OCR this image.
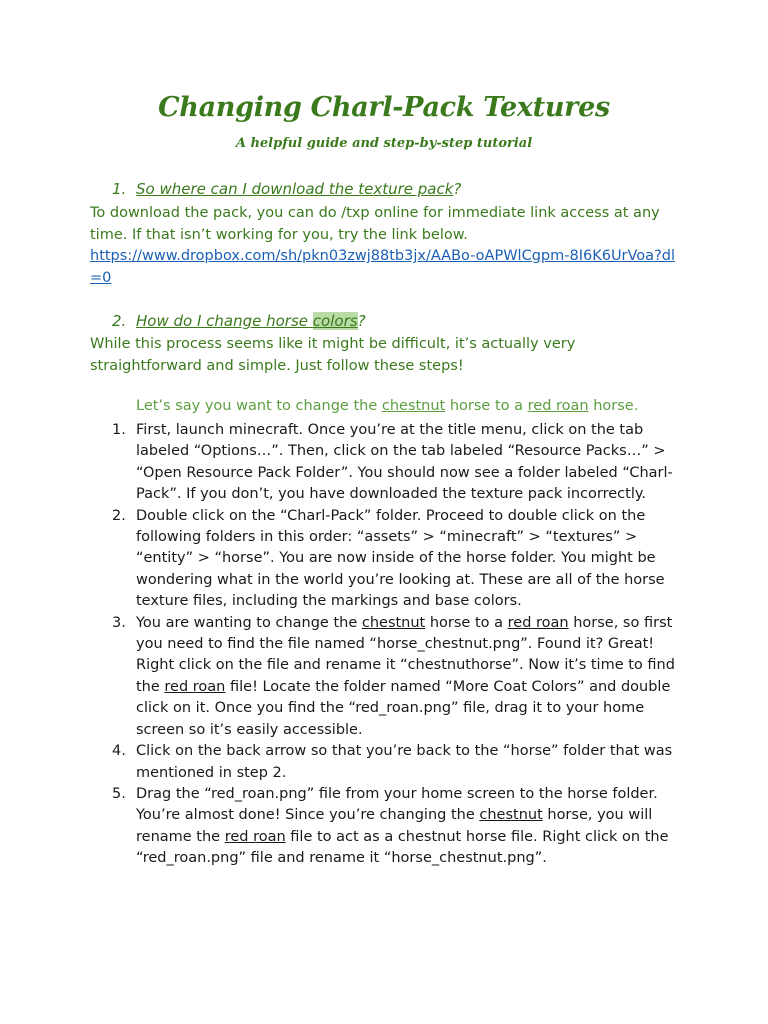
Changing Charl-Pack Textures
A helpful guide and step-by-step tutorial
1. So where can I download the texture pack?
To download the pack, you can do /txp online for immediate link access at any time. If that isn’t working for you, try the link below.
https://www.dropbox.com/sh/pkn03zwj88tb3jx/AABo-oAPWlCgpm-8I6K6UrVoa?dl=0
2. How do I change horse colors?
While this process seems like it might be difficult, it’s actually very straightforward and simple. Just follow these steps!
Let’s say you want to change the chestnut horse to a red roan horse.
1. First, launch minecraft. Once you’re at the title menu, click on the tab labeled “Options…”. Then, click on the tab labeled “Resource Packs…” > “Open Resource Pack Folder”. You should now see a folder labeled “Charl-Pack”. If you don’t, you have downloaded the texture pack incorrectly.
2. Double click on the “Charl-Pack” folder. Proceed to double click on the following folders in this order: “assets” > “minecraft” > “textures” > “entity” > “horse”. You are now inside of the horse folder. You might be wondering what in the world you’re looking at. These are all of the horse texture files, including the markings and base colors.
3. You are wanting to change the chestnut horse to a red roan horse, so first you need to find the file named “horse_chestnut.png”. Found it? Great! Right click on the file and rename it “chestnuthorse”. Now it’s time to find the red roan file! Locate the folder named “More Coat Colors” and double click on it. Once you find the “red_roan.png” file, drag it to your home screen so it’s easily accessible.
4. Click on the back arrow so that you’re back to the “horse” folder that was mentioned in step 2.
5. Drag the “red_roan.png” file from your home screen to the horse folder. You’re almost done! Since you’re changing the chestnut horse, you will rename the red roan file to act as a chestnut horse file. Right click on the “red_roan.png” file and rename it “horse_chestnut.png”.
